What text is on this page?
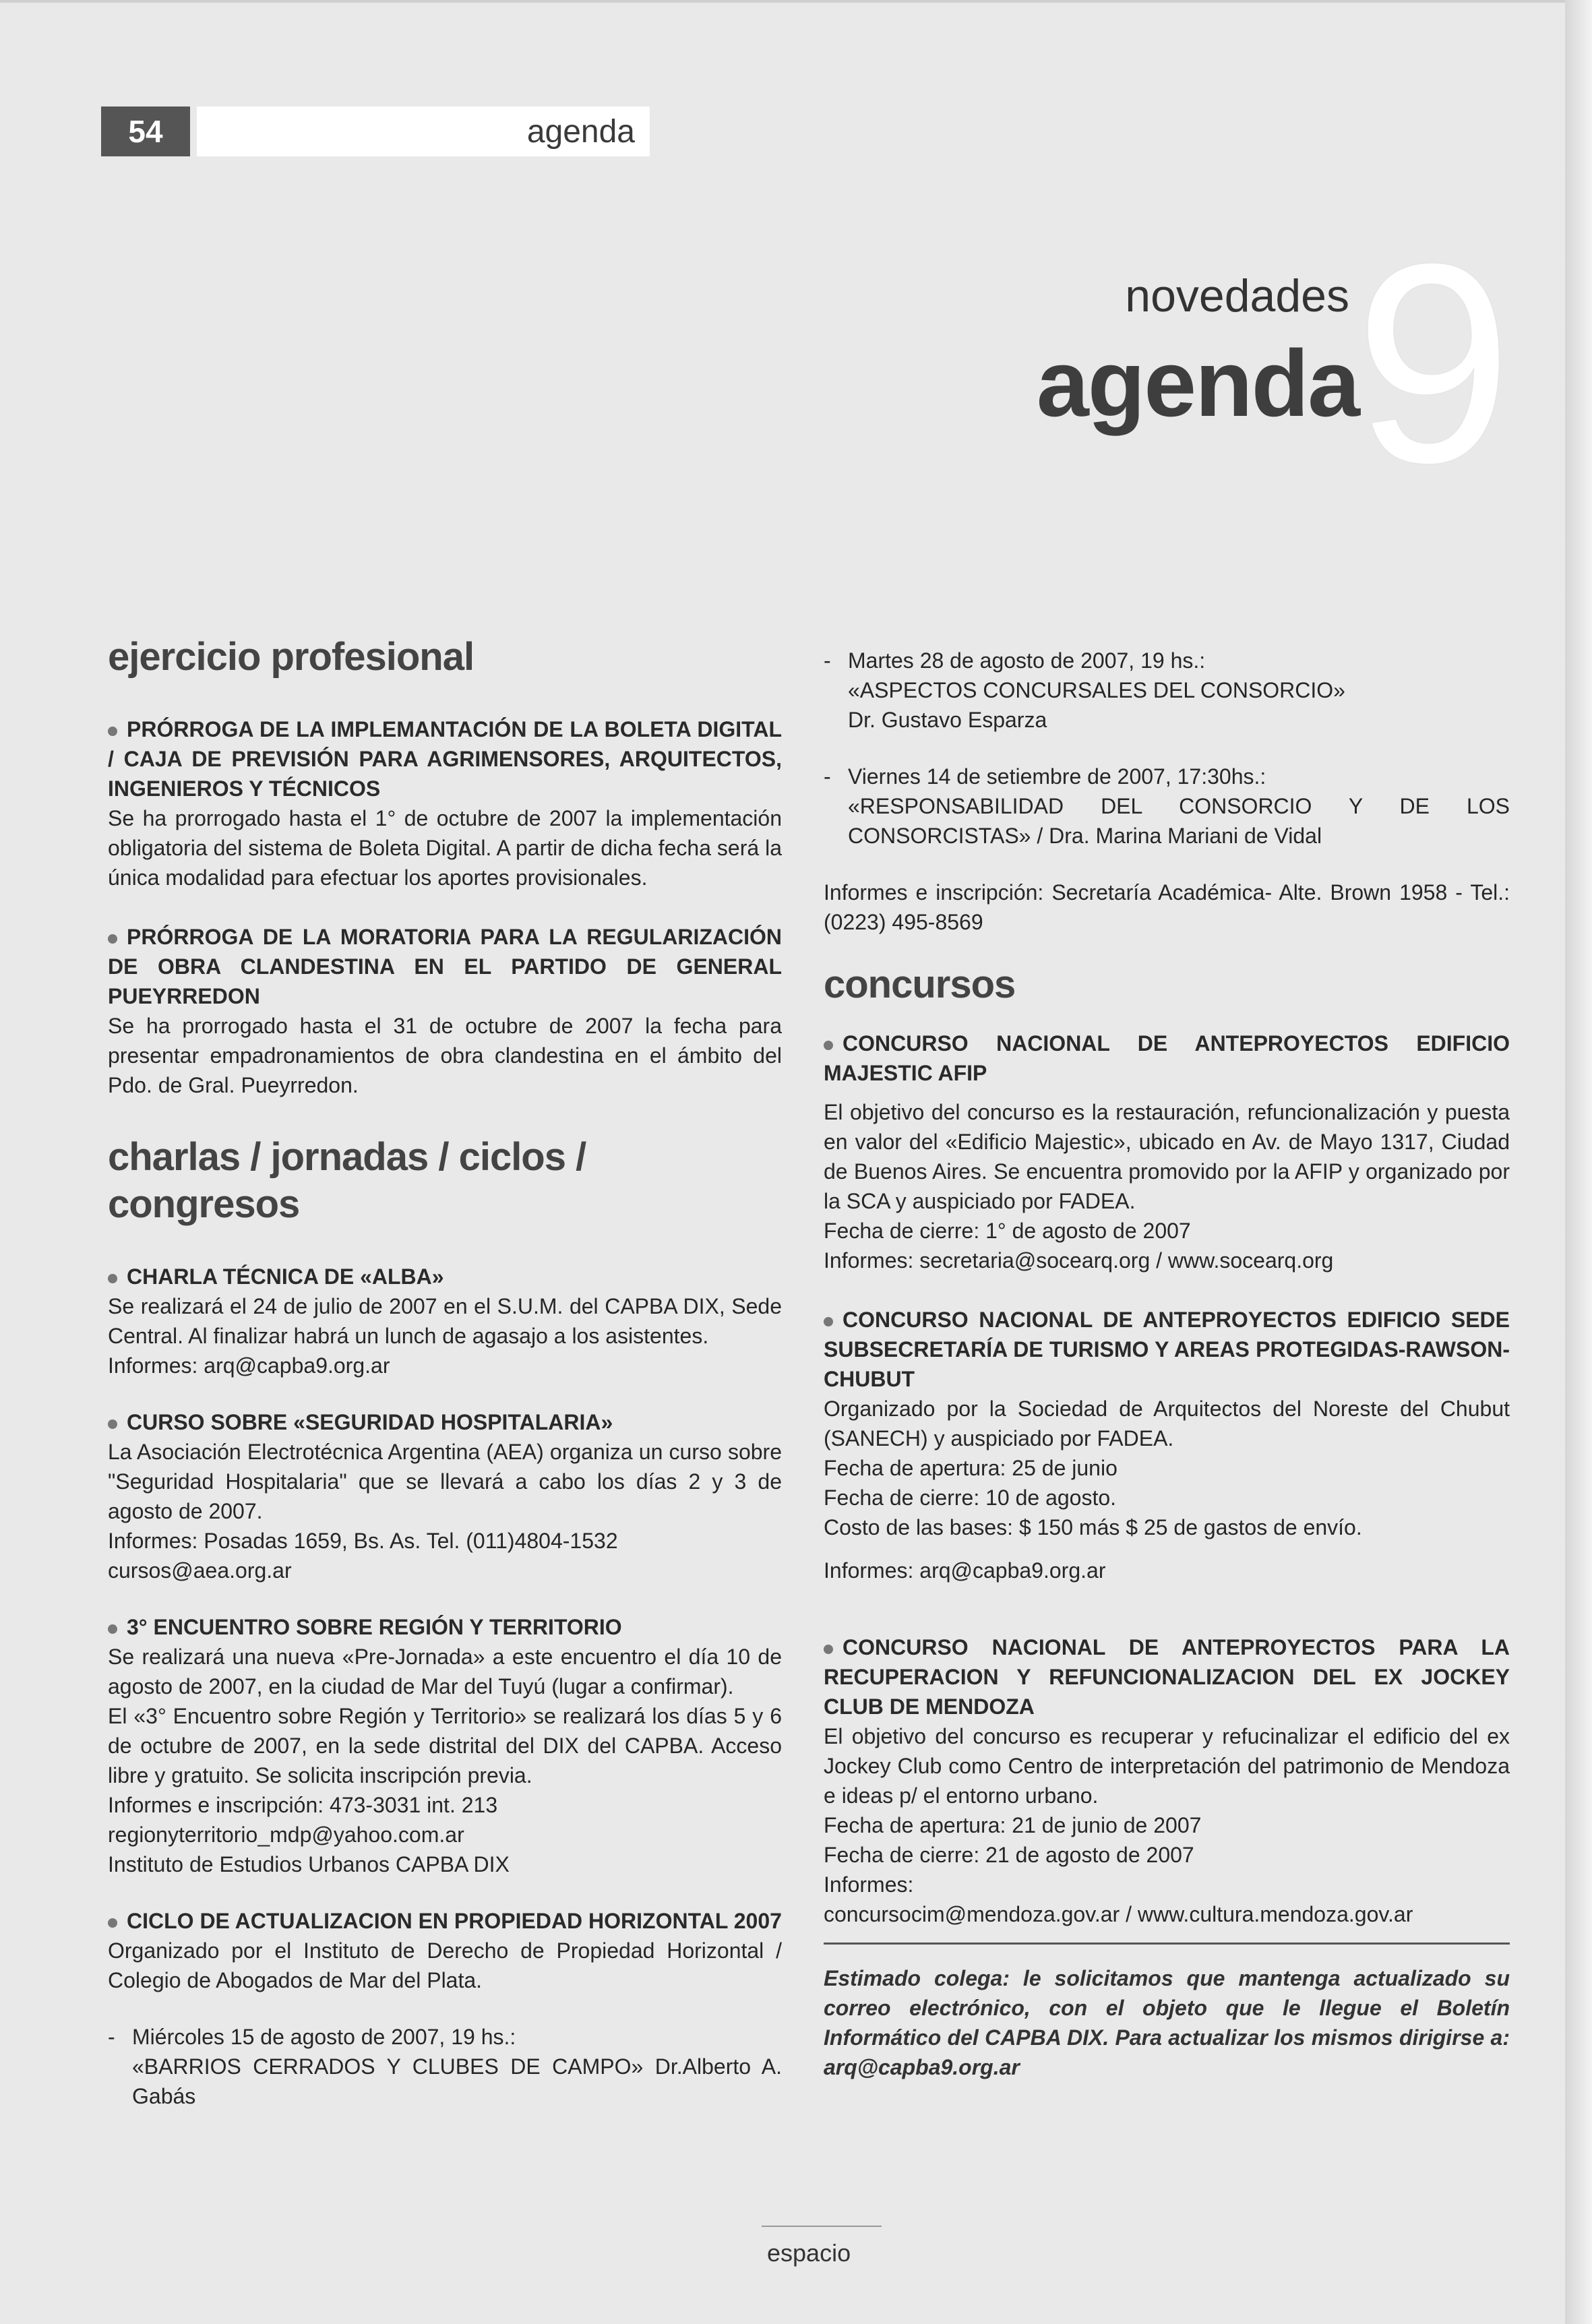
54	agenda
9
novedades
agenda
ejercicio profesional

PRÓRROGA DE LA IMPLEMANTACIÓN DE LA BOLETA DIGITAL / CAJA DE PREVISIÓN PARA AGRIMENSORES, ARQUITECTOS, INGENIEROS Y TÉCNICOS

Se ha prorrogado hasta el 1° de octubre de 2007 la implementación obligatoria del sistema de Boleta Digital. A partir de dicha fecha será la única modalidad para efectuar los aportes provisionales.

PRÓRROGA DE LA MORATORIA PARA LA REGULARIZACIÓN DE OBRA CLANDESTINA EN EL PARTIDO DE GENERAL PUEYRREDON

Se ha prorrogado hasta el 31 de octubre de 2007 la fecha para presentar empadronamientos de obra clandestina en el ámbito del Pdo. de Gral. Pueyrredon.

charlas / jornadas / ciclos / congresos

CHARLA TÉCNICA DE «ALBA»

Se realizará el 24 de julio de 2007 en el S.U.M. del CAPBA DIX, Sede Central. Al finalizar habrá un lunch de agasajo a los asistentes.

Informes: arq@capba9.org.ar

CURSO SOBRE «SEGURIDAD HOSPITALARIA»

La Asociación Electrotécnica Argentina (AEA) organiza un curso sobre "Seguridad Hospitalaria" que se llevará a cabo los días 2 y 3 de agosto de 2007.

Informes: Posadas 1659, Bs. As. Tel. (011)4804-1532

cursos@aea.org.ar

3° ENCUENTRO SOBRE REGIÓN Y TERRITORIO

Se realizará una nueva «Pre-Jornada» a este encuentro el día 10 de agosto de 2007, en la ciudad de Mar del Tuyú (lugar a confirmar).

El «3° Encuentro sobre Región y Territorio» se realizará los días 5 y 6 de octubre de 2007, en la sede distrital del DIX del CAPBA. Acceso libre y gratuito. Se solicita inscripción previa.

Informes e inscripción: 473-3031 int. 213

regionyterritorio_mdp@yahoo.com.ar

Instituto de Estudios Urbanos CAPBA DIX

CICLO DE ACTUALIZACION EN PROPIEDAD HORIZONTAL 2007

Organizado por el Instituto de Derecho de Propiedad Horizontal / Colegio de Abogados de Mar del Plata.

- Miércoles 15 de agosto de 2007, 19 hs.:

«BARRIOS CERRADOS Y CLUBES DE CAMPO» Dr.Alberto A. Gabás

- Martes 28 de agosto de 2007, 19 hs.:

«ASPECTOS CONCURSALES DEL CONSORCIO»

Dr. Gustavo Esparza

- Viernes 14 de setiembre de 2007, 17:30hs.:

«RESPONSABILIDAD DEL CONSORCIO Y DE LOS CONSORCISTAS» / Dra. Marina Mariani de Vidal

Informes e inscripción: Secretaría Académica- Alte. Brown 1958 - Tel.: (0223) 495-8569

concursos

CONCURSO NACIONAL DE ANTEPROYECTOS EDIFICIO MAJESTIC AFIP

El objetivo del concurso es la restauración, refuncionalización y puesta en valor del «Edificio Majestic», ubicado en Av. de Mayo 1317, Ciudad de Buenos Aires. Se encuentra promovido por la AFIP y organizado por la SCA y auspiciado por FADEA.

Fecha de cierre: 1° de agosto de 2007

Informes: secretaria@socearq.org / www.socearq.org

CONCURSO NACIONAL DE ANTEPROYECTOS EDIFICIO SEDE SUBSECRETARÍA DE TURISMO Y AREAS PROTEGIDAS-RAWSON-CHUBUT

Organizado por la Sociedad de Arquitectos del Noreste del Chubut (SANECH) y auspiciado por FADEA.

Fecha de apertura: 25 de junio

Fecha de cierre: 10 de agosto.

Costo de las bases: $ 150 más $ 25 de gastos de envío.

Informes: arq@capba9.org.ar

CONCURSO NACIONAL DE ANTEPROYECTOS PARA LA RECUPERACION Y REFUNCIONALIZACION DEL EX JOCKEY CLUB DE MENDOZA

El objetivo del concurso es recuperar y refucinalizar el edificio del ex Jockey Club como Centro de interpretación del patrimonio de Mendoza e ideas p/ el entorno urbano.

Fecha de apertura: 21 de junio de 2007

Fecha de cierre: 21 de agosto de 2007

Informes:

concursocim@mendoza.gov.ar / www.cultura.mendoza.gov.ar

Estimado colega: le solicitamos que mantenga actualizado su correo electrónico, con el objeto que le llegue el Boletín Informático del CAPBA DIX. Para actualizar los mismos dirigirse a: arq@capba9.org.ar

espacio
